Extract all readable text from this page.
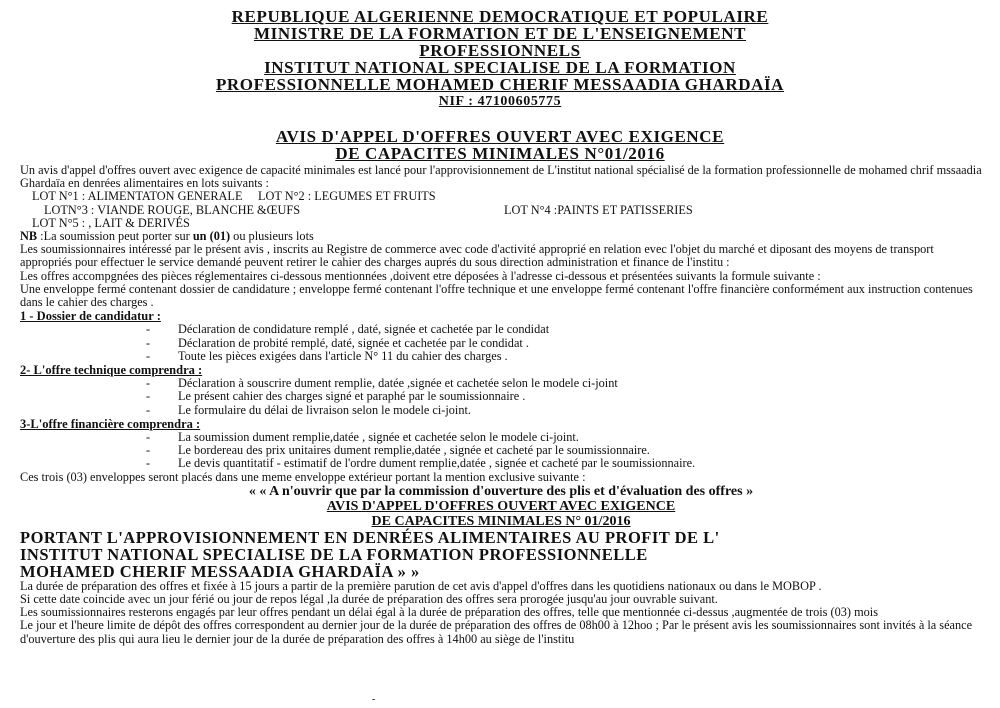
REPUBLIQUE ALGERIENNE DEMOCRATIQUE ET POPULAIRE
MINISTRE DE LA FORMATION ET DE L'ENSEIGNEMENT
PROFESSIONNELS
INSTITUT NATIONAL SPECIALISE DE LA FORMATION
PROFESSIONNELLE MOHAMED CHERIF MESSAADIA GHARDAÏA
NIF : 47100605775
AVIS D'APPEL D'OFFRES OUVERT AVEC EXIGENCE
DE CAPACITES MINIMALES N°01/2016

Un avis d'appel d'offres ouvert avec exigence de capacité minimales est lancé pour l'approvisionnement de L'institut national spécialisé de la formation professionnelle de mohamed chrif mssaadia Ghardaïa en denrées alimentaires en lots suivants :

LOT N°1 : ALIMENTATON GENERALE	LOT N°2 : LEGUMES ET FRUITS
LOTN°3 : VIANDE ROUGE, BLANCHE &ŒUFS	LOT N°4 :PAINTS ET PATISSERIES
LOT N°5 : , LAIT & DERIVÉS

NB :La soumission peut porter sur un (01) ou plusieurs lots

Les soumissionnaires intéressé par le présent avis , inscrits au Registre de commerce avec code d'activité approprié en relation evec l'objet du marché et diposant des moyens de transport appropriés pour effectuer le service demandé peuvent retirer le cahier des charges auprés du sous direction administration et finance de l'institu :

Les offres accompgnées des pièces réglementaires ci-dessous mentionnées ,doivent etre déposées à l'adresse ci-dessous et présentées suivants la formule suivante :

Une enveloppe fermé contenant dossier de candidature ; enveloppe fermé contenant l'offre technique et une enveloppe fermé contenant l'offre financière conformément aux instruction contenues dans le cahier des charges .

1 - Dossier de candidatur :
-	Déclaration de condidature remplé , daté, signée et cachetée par le condidat
-	Déclaration de probité remplé, daté, signée et cachetée par le condidat .
-	Toute les pièces exigées dans l'article N° 11 du cahier des charges .
2- L'offre technique comprendra :
-	Déclaration à souscrire dument remplie, datée ,signée et cachetée selon le modele ci-joint
-	Le présent cahier des charges signé et paraphé par le soumissionnaire .
-	Le formulaire du délai de livraison selon le modele ci-joint.
3-L'offre financière comprendra :
-	La soumission dument remplie,datée , signée et cachetée selon le modele ci-joint.
-	Le bordereau des prix unitaires dument remplie,datée , signée et cacheté par le soumissionnaire.
-	Le devis quantitatif - estimatif de l'ordre dument remplie,datée , signée et cacheté par le soumissionnaire.

Ces trois (03) enveloppes seront placés dans une meme enveloppe extérieur portant la mention exclusive suivante :

« « A n'ouvrir que par la commission d'ouverture des plis et d'évaluation des offres »
AVIS D'APPEL D'OFFRES OUVERT AVEC EXIGENCE
DE CAPACITES MINIMALES N° 01/2016
PORTANT L'APPROVISIONNEMENT EN DENRÉES ALIMENTAIRES AU PROFIT DE L'
INSTITUT NATIONAL SPECIALISE DE LA FORMATION PROFESSIONNELLE
MOHAMED CHERIF MESSAADIA GHARDAÏA » »

La durée de préparation des offres et fixée à 15 jours a partir de la première parution de cet avis d'appel d'offres dans les quotidiens nationaux ou dans le MOBOP .

Si cette date coincide avec un jour férié ou jour de repos légal ,la durée de préparation des offres sera prorogée jusqu'au jour ouvrable suivant.

Les soumissionnaires resterons engagés par leur offres pendant un délai égal à la durée de préparation des offres, telle que mentionnée ci-dessus ,augmentée de trois (03) mois

Le jour et l'heure limite de dépôt des offres correspondent au dernier jour de la durée de préparation des offres de 08h00 à 12hoo ; Par le présent avis les soumissionnaires sont invités à la séance d'ouverture des plis qui aura lieu le dernier jour de la durée de préparation des offres à 14h00 au siège de l'institu

-
